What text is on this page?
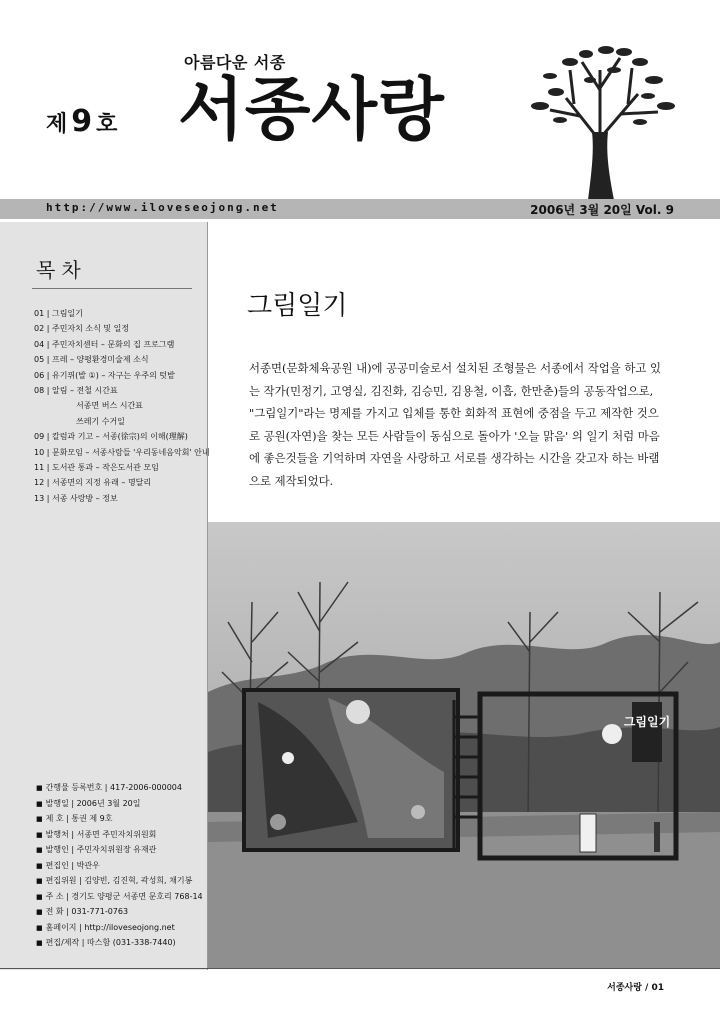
제 9 호
아름다운 서종
서종사랑
http://www.iloveseojong.net	2006년 3월 20일 Vol. 9
목차
01 | 그림일기
02 | 주민자치 소식 및 일정
04 | 주민자치센터 – 문화의 집 프로그램
05 | 프레 – 양평환경미술제 소식
06 | 유기퓌(발 ①) – 자구는 우주의 텃밭
08 | 알림 – 전철 시간표
서종면 버스 시간표
쓰레기 수거일
09 | 칼럼과 기고 – 서종(徐宗)의 이해(理解)
10 | 문화모임 – 서종사람들 '우리동네음악회' 안내
11 | 도서관 통과 – 작은도서관 모임
12 | 서종면의 지정 유래 – 명달리
13 | 서종 사랑방 – 정보
■ 간행물 등록번호 | 417-2006-000004
■ 발행일 | 2006년 3월 20일
■ 제 호 | 통권 제 9호
■ 발행처 | 서종면 주민자치위원회
■ 발행인 | 주민자치위원장 유재관
■ 편집인 | 박관우
■ 편집위원 | 김양빈, 김진혁, 곽성희, 채기봉
■ 주 소 | 경기도 양평군 서종면 문호리 768-14
■ 전 화 | 031-771-0763
■ 홈페이지 | http://iloveseojong.net
■ 편집/제작 | 따스함 (031-338-7440)
그림일기

서종면(문화체육공원 내)에 공공미술로서 설치된 조형물은 서종에서 작업을 하고 있

는 작가(민정기, 고영실, 김진화, 김승민, 김용철, 이흡, 한만춘)들의 공동작업으로,

"그림일기"라는 명제를 가지고 입체를 통한 회화적 표현에 중점을 두고 제작한 것으

로 공원(자연)을 찾는 모든 사람들이 동심으로 돌아가 '오늘 맑음' 의 일기 처럼 마음

에 좋은것들을 기억하며 자연을 사랑하고 서로를 생각하는 시간을 갖고자 하는 바램

으로 제작되었다.

그림일기
서종사랑 / 01
